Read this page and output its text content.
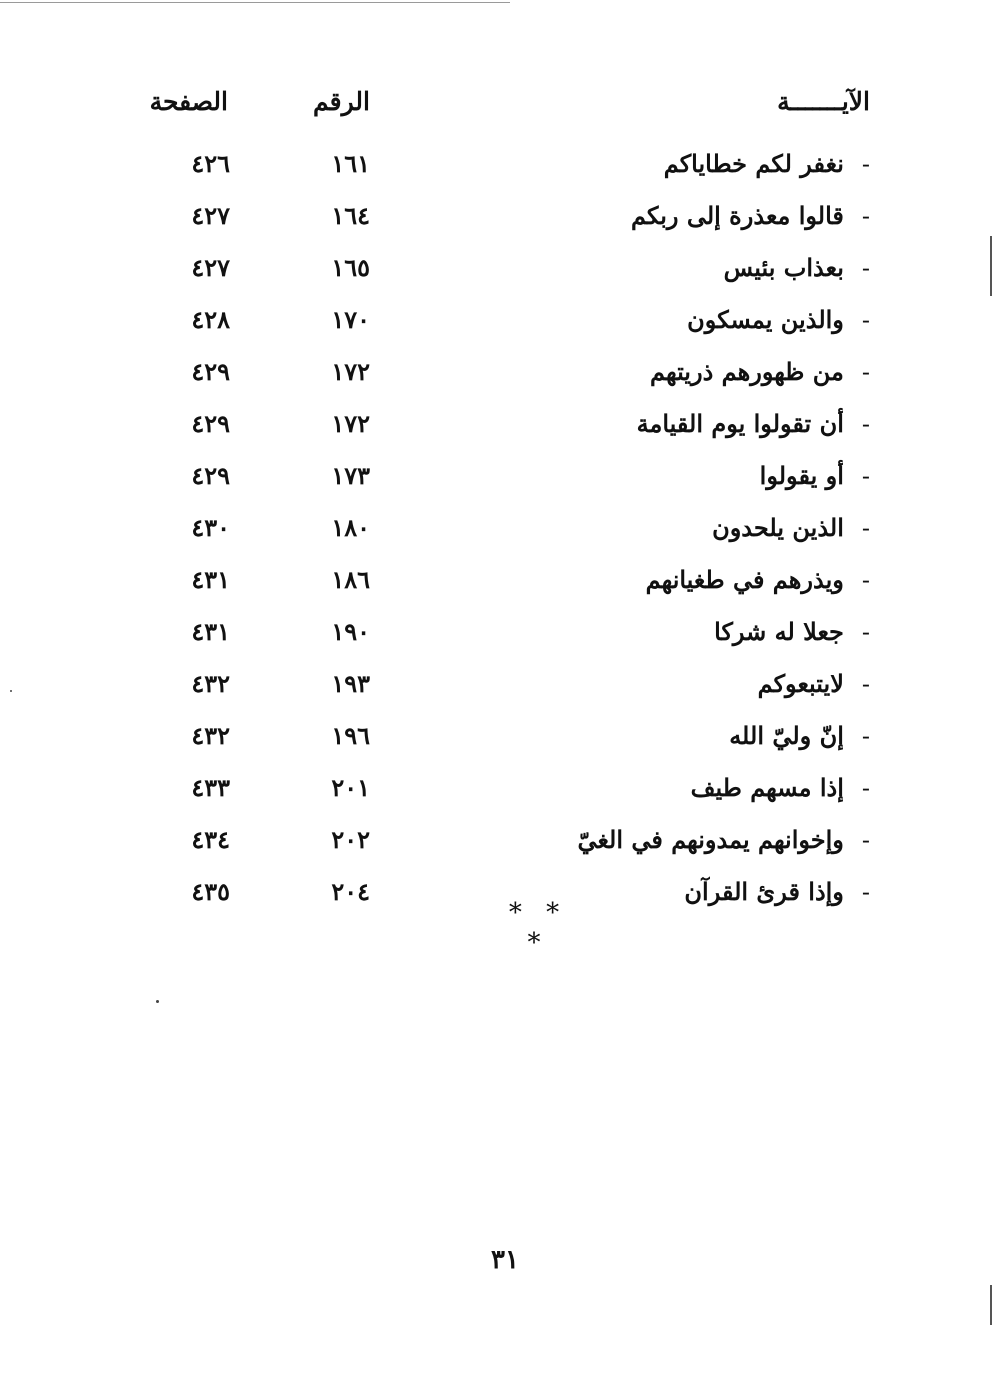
الآيـــــــة
الرقم
الصفحة
-نغفر لكم خطاياكم
١٦١
٤٢٦
-قالوا معذرة إلى ربكم
١٦٤
٤٢٧
-بعذاب بئيس
١٦٥
٤٢٧
-والذين يمسكون
١٧٠
٤٢٨
-من ظهورهم ذريتهم
١٧٢
٤٢٩
-أن تقولوا يوم القيامة
١٧٢
٤٢٩
-أو يقولوا
١٧٣
٤٢٩
-الذين يلحدون
١٨٠
٤٣٠
-ويذرهم في طغيانهم
١٨٦
٤٣١
-جعلا له شركا
١٩٠
٤٣١
-لايتبعوكم
١٩٣
٤٣٢
-إنّ وليّ الله
١٩٦
٤٣٢
-إذا مسهم طيف
٢٠١
٤٣٣
-وإخوانهم يمدونهم في الغيّ
٢٠٢
٤٣٤
-وإذا قرئ القرآن
٢٠٤
٤٣٥
* * *
٣١
